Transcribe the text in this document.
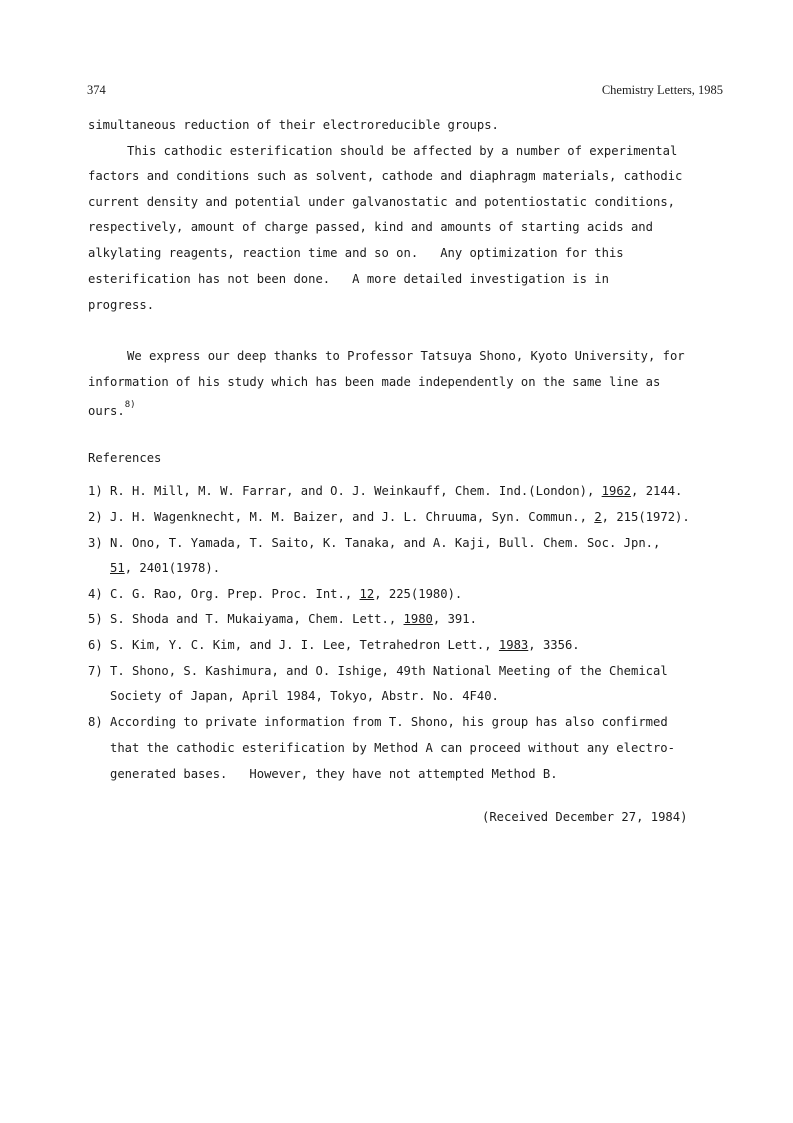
374	Chemistry Letters, 1985
simultaneous reduction of their electroreducible groups.
This cathodic esterification should be affected by a number of experimental
factors and conditions such as solvent, cathode and diaphragm materials, cathodic
current density and potential under galvanostatic and potentiostatic conditions,
respectively, amount of charge passed, kind and amounts of starting acids and
alkylating reagents, reaction time and so on.   Any optimization for this
esterification has not been done.   A more detailed investigation is in
progress.
We express our deep thanks to Professor Tatsuya Shono, Kyoto University, for
information of his study which has been made independently on the same line as
ours.$^{8)}$
References
1) R. H. Mill, M. W. Farrar, and O. J. Weinkauff, Chem. Ind.(London), 1962, 2144.
2) J. H. Wagenknecht, M. M. Baizer, and J. L. Chruuma, Syn. Commun., 2, 215(1972).
3) N. Ono, T. Yamada, T. Saito, K. Tanaka, and A. Kaji, Bull. Chem. Soc. Jpn.,
51, 2401(1978).
4) C. G. Rao, Org. Prep. Proc. Int., 12, 225(1980).
5) S. Shoda and T. Mukaiyama, Chem. Lett., 1980, 391.
6) S. Kim, Y. C. Kim, and J. I. Lee, Tetrahedron Lett., 1983, 3356.
7) T. Shono, S. Kashimura, and O. Ishige, 49th National Meeting of the Chemical
Society of Japan, April 1984, Tokyo, Abstr. No. 4F40.
8) According to private information from T. Shono, his group has also confirmed
that the cathodic esterification by Method A can proceed without any electro-
generated bases.   However, they have not attempted Method B.
(Received December 27, 1984)
